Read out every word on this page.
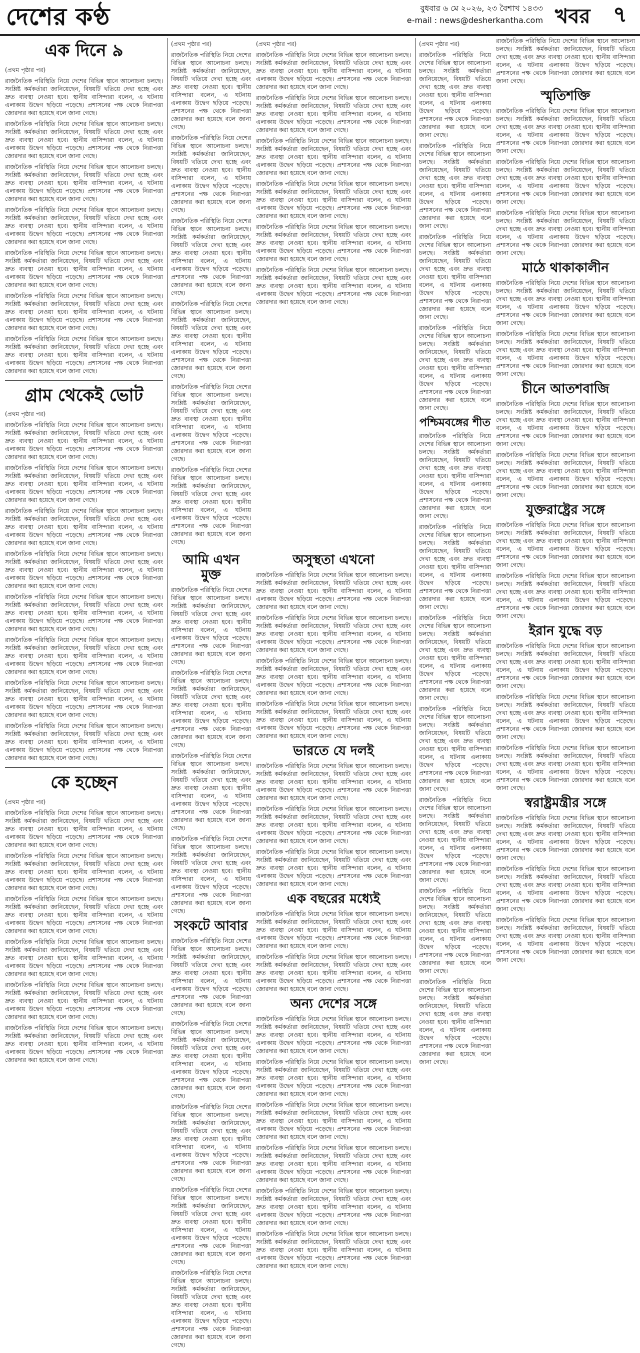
দেশের কণ্ঠ	বুধবার ৬ মে ২০২৬, ২৩ বৈশাখ ১৪৩৩
e-mail : news@desherkantha.com খবর	৭
এক দিনে ৯
(প্রথম পৃষ্ঠার পর)
রাজনৈতিক পরিস্থিতি নিয়ে দেশের বিভিন্ন স্থানে আলোচনা চলছে। সংশ্লিষ্ট কর্মকর্তারা জানিয়েছেন, বিষয়টি খতিয়ে দেখা হচ্ছে এবং দ্রুত ব্যবস্থা নেওয়া হবে। স্থানীয় বাসিন্দারা বলেন, এ ঘটনায় এলাকায় উদ্বেগ ছড়িয়ে পড়েছে। প্রশাসনের পক্ষ থেকে নিরাপত্তা জোরদার করা হয়েছে বলে জানা গেছে।
রাজনৈতিক পরিস্থিতি নিয়ে দেশের বিভিন্ন স্থানে আলোচনা চলছে। সংশ্লিষ্ট কর্মকর্তারা জানিয়েছেন, বিষয়টি খতিয়ে দেখা হচ্ছে এবং দ্রুত ব্যবস্থা নেওয়া হবে। স্থানীয় বাসিন্দারা বলেন, এ ঘটনায় এলাকায় উদ্বেগ ছড়িয়ে পড়েছে। প্রশাসনের পক্ষ থেকে নিরাপত্তা জোরদার করা হয়েছে বলে জানা গেছে।
রাজনৈতিক পরিস্থিতি নিয়ে দেশের বিভিন্ন স্থানে আলোচনা চলছে। সংশ্লিষ্ট কর্মকর্তারা জানিয়েছেন, বিষয়টি খতিয়ে দেখা হচ্ছে এবং দ্রুত ব্যবস্থা নেওয়া হবে। স্থানীয় বাসিন্দারা বলেন, এ ঘটনায় এলাকায় উদ্বেগ ছড়িয়ে পড়েছে। প্রশাসনের পক্ষ থেকে নিরাপত্তা জোরদার করা হয়েছে বলে জানা গেছে।
রাজনৈতিক পরিস্থিতি নিয়ে দেশের বিভিন্ন স্থানে আলোচনা চলছে। সংশ্লিষ্ট কর্মকর্তারা জানিয়েছেন, বিষয়টি খতিয়ে দেখা হচ্ছে এবং দ্রুত ব্যবস্থা নেওয়া হবে। স্থানীয় বাসিন্দারা বলেন, এ ঘটনায় এলাকায় উদ্বেগ ছড়িয়ে পড়েছে। প্রশাসনের পক্ষ থেকে নিরাপত্তা জোরদার করা হয়েছে বলে জানা গেছে।
রাজনৈতিক পরিস্থিতি নিয়ে দেশের বিভিন্ন স্থানে আলোচনা চলছে। সংশ্লিষ্ট কর্মকর্তারা জানিয়েছেন, বিষয়টি খতিয়ে দেখা হচ্ছে এবং দ্রুত ব্যবস্থা নেওয়া হবে। স্থানীয় বাসিন্দারা বলেন, এ ঘটনায় এলাকায় উদ্বেগ ছড়িয়ে পড়েছে। প্রশাসনের পক্ষ থেকে নিরাপত্তা জোরদার করা হয়েছে বলে জানা গেছে।
রাজনৈতিক পরিস্থিতি নিয়ে দেশের বিভিন্ন স্থানে আলোচনা চলছে। সংশ্লিষ্ট কর্মকর্তারা জানিয়েছেন, বিষয়টি খতিয়ে দেখা হচ্ছে এবং দ্রুত ব্যবস্থা নেওয়া হবে। স্থানীয় বাসিন্দারা বলেন, এ ঘটনায় এলাকায় উদ্বেগ ছড়িয়ে পড়েছে। প্রশাসনের পক্ষ থেকে নিরাপত্তা জোরদার করা হয়েছে বলে জানা গেছে।
রাজনৈতিক পরিস্থিতি নিয়ে দেশের বিভিন্ন স্থানে আলোচনা চলছে। সংশ্লিষ্ট কর্মকর্তারা জানিয়েছেন, বিষয়টি খতিয়ে দেখা হচ্ছে এবং দ্রুত ব্যবস্থা নেওয়া হবে। স্থানীয় বাসিন্দারা বলেন, এ ঘটনায় এলাকায় উদ্বেগ ছড়িয়ে পড়েছে। প্রশাসনের পক্ষ থেকে নিরাপত্তা জোরদার করা হয়েছে বলে জানা গেছে।
গ্রাম থেকেই ভোট
(প্রথম পৃষ্ঠার পর)
রাজনৈতিক পরিস্থিতি নিয়ে দেশের বিভিন্ন স্থানে আলোচনা চলছে। সংশ্লিষ্ট কর্মকর্তারা জানিয়েছেন, বিষয়টি খতিয়ে দেখা হচ্ছে এবং দ্রুত ব্যবস্থা নেওয়া হবে। স্থানীয় বাসিন্দারা বলেন, এ ঘটনায় এলাকায় উদ্বেগ ছড়িয়ে পড়েছে। প্রশাসনের পক্ষ থেকে নিরাপত্তা জোরদার করা হয়েছে বলে জানা গেছে।
রাজনৈতিক পরিস্থিতি নিয়ে দেশের বিভিন্ন স্থানে আলোচনা চলছে। সংশ্লিষ্ট কর্মকর্তারা জানিয়েছেন, বিষয়টি খতিয়ে দেখা হচ্ছে এবং দ্রুত ব্যবস্থা নেওয়া হবে। স্থানীয় বাসিন্দারা বলেন, এ ঘটনায় এলাকায় উদ্বেগ ছড়িয়ে পড়েছে। প্রশাসনের পক্ষ থেকে নিরাপত্তা জোরদার করা হয়েছে বলে জানা গেছে।
রাজনৈতিক পরিস্থিতি নিয়ে দেশের বিভিন্ন স্থানে আলোচনা চলছে। সংশ্লিষ্ট কর্মকর্তারা জানিয়েছেন, বিষয়টি খতিয়ে দেখা হচ্ছে এবং দ্রুত ব্যবস্থা নেওয়া হবে। স্থানীয় বাসিন্দারা বলেন, এ ঘটনায় এলাকায় উদ্বেগ ছড়িয়ে পড়েছে। প্রশাসনের পক্ষ থেকে নিরাপত্তা জোরদার করা হয়েছে বলে জানা গেছে।
রাজনৈতিক পরিস্থিতি নিয়ে দেশের বিভিন্ন স্থানে আলোচনা চলছে। সংশ্লিষ্ট কর্মকর্তারা জানিয়েছেন, বিষয়টি খতিয়ে দেখা হচ্ছে এবং দ্রুত ব্যবস্থা নেওয়া হবে। স্থানীয় বাসিন্দারা বলেন, এ ঘটনায় এলাকায় উদ্বেগ ছড়িয়ে পড়েছে। প্রশাসনের পক্ষ থেকে নিরাপত্তা জোরদার করা হয়েছে বলে জানা গেছে।
রাজনৈতিক পরিস্থিতি নিয়ে দেশের বিভিন্ন স্থানে আলোচনা চলছে। সংশ্লিষ্ট কর্মকর্তারা জানিয়েছেন, বিষয়টি খতিয়ে দেখা হচ্ছে এবং দ্রুত ব্যবস্থা নেওয়া হবে। স্থানীয় বাসিন্দারা বলেন, এ ঘটনায় এলাকায় উদ্বেগ ছড়িয়ে পড়েছে। প্রশাসনের পক্ষ থেকে নিরাপত্তা জোরদার করা হয়েছে বলে জানা গেছে।
রাজনৈতিক পরিস্থিতি নিয়ে দেশের বিভিন্ন স্থানে আলোচনা চলছে। সংশ্লিষ্ট কর্মকর্তারা জানিয়েছেন, বিষয়টি খতিয়ে দেখা হচ্ছে এবং দ্রুত ব্যবস্থা নেওয়া হবে। স্থানীয় বাসিন্দারা বলেন, এ ঘটনায় এলাকায় উদ্বেগ ছড়িয়ে পড়েছে। প্রশাসনের পক্ষ থেকে নিরাপত্তা জোরদার করা হয়েছে বলে জানা গেছে।
রাজনৈতিক পরিস্থিতি নিয়ে দেশের বিভিন্ন স্থানে আলোচনা চলছে। সংশ্লিষ্ট কর্মকর্তারা জানিয়েছেন, বিষয়টি খতিয়ে দেখা হচ্ছে এবং দ্রুত ব্যবস্থা নেওয়া হবে। স্থানীয় বাসিন্দারা বলেন, এ ঘটনায় এলাকায় উদ্বেগ ছড়িয়ে পড়েছে। প্রশাসনের পক্ষ থেকে নিরাপত্তা জোরদার করা হয়েছে বলে জানা গেছে।
রাজনৈতিক পরিস্থিতি নিয়ে দেশের বিভিন্ন স্থানে আলোচনা চলছে। সংশ্লিষ্ট কর্মকর্তারা জানিয়েছেন, বিষয়টি খতিয়ে দেখা হচ্ছে এবং দ্রুত ব্যবস্থা নেওয়া হবে। স্থানীয় বাসিন্দারা বলেন, এ ঘটনায় এলাকায় উদ্বেগ ছড়িয়ে পড়েছে। প্রশাসনের পক্ষ থেকে নিরাপত্তা জোরদার করা হয়েছে বলে জানা গেছে।
কে হচ্ছেন
(প্রথম পৃষ্ঠার পর)
রাজনৈতিক পরিস্থিতি নিয়ে দেশের বিভিন্ন স্থানে আলোচনা চলছে। সংশ্লিষ্ট কর্মকর্তারা জানিয়েছেন, বিষয়টি খতিয়ে দেখা হচ্ছে এবং দ্রুত ব্যবস্থা নেওয়া হবে। স্থানীয় বাসিন্দারা বলেন, এ ঘটনায় এলাকায় উদ্বেগ ছড়িয়ে পড়েছে। প্রশাসনের পক্ষ থেকে নিরাপত্তা জোরদার করা হয়েছে বলে জানা গেছে।
রাজনৈতিক পরিস্থিতি নিয়ে দেশের বিভিন্ন স্থানে আলোচনা চলছে। সংশ্লিষ্ট কর্মকর্তারা জানিয়েছেন, বিষয়টি খতিয়ে দেখা হচ্ছে এবং দ্রুত ব্যবস্থা নেওয়া হবে। স্থানীয় বাসিন্দারা বলেন, এ ঘটনায় এলাকায় উদ্বেগ ছড়িয়ে পড়েছে। প্রশাসনের পক্ষ থেকে নিরাপত্তা জোরদার করা হয়েছে বলে জানা গেছে।
রাজনৈতিক পরিস্থিতি নিয়ে দেশের বিভিন্ন স্থানে আলোচনা চলছে। সংশ্লিষ্ট কর্মকর্তারা জানিয়েছেন, বিষয়টি খতিয়ে দেখা হচ্ছে এবং দ্রুত ব্যবস্থা নেওয়া হবে। স্থানীয় বাসিন্দারা বলেন, এ ঘটনায় এলাকায় উদ্বেগ ছড়িয়ে পড়েছে। প্রশাসনের পক্ষ থেকে নিরাপত্তা জোরদার করা হয়েছে বলে জানা গেছে।
রাজনৈতিক পরিস্থিতি নিয়ে দেশের বিভিন্ন স্থানে আলোচনা চলছে। সংশ্লিষ্ট কর্মকর্তারা জানিয়েছেন, বিষয়টি খতিয়ে দেখা হচ্ছে এবং দ্রুত ব্যবস্থা নেওয়া হবে। স্থানীয় বাসিন্দারা বলেন, এ ঘটনায় এলাকায় উদ্বেগ ছড়িয়ে পড়েছে। প্রশাসনের পক্ষ থেকে নিরাপত্তা জোরদার করা হয়েছে বলে জানা গেছে।
রাজনৈতিক পরিস্থিতি নিয়ে দেশের বিভিন্ন স্থানে আলোচনা চলছে। সংশ্লিষ্ট কর্মকর্তারা জানিয়েছেন, বিষয়টি খতিয়ে দেখা হচ্ছে এবং দ্রুত ব্যবস্থা নেওয়া হবে। স্থানীয় বাসিন্দারা বলেন, এ ঘটনায় এলাকায় উদ্বেগ ছড়িয়ে পড়েছে। প্রশাসনের পক্ষ থেকে নিরাপত্তা জোরদার করা হয়েছে বলে জানা গেছে।
রাজনৈতিক পরিস্থিতি নিয়ে দেশের বিভিন্ন স্থানে আলোচনা চলছে। সংশ্লিষ্ট কর্মকর্তারা জানিয়েছেন, বিষয়টি খতিয়ে দেখা হচ্ছে এবং দ্রুত ব্যবস্থা নেওয়া হবে। স্থানীয় বাসিন্দারা বলেন, এ ঘটনায় এলাকায় উদ্বেগ ছড়িয়ে পড়েছে। প্রশাসনের পক্ষ থেকে নিরাপত্তা জোরদার করা হয়েছে বলে জানা গেছে।
(প্রথম পৃষ্ঠার পর)
রাজনৈতিক পরিস্থিতি নিয়ে দেশের বিভিন্ন স্থানে আলোচনা চলছে। সংশ্লিষ্ট কর্মকর্তারা জানিয়েছেন, বিষয়টি খতিয়ে দেখা হচ্ছে এবং দ্রুত ব্যবস্থা নেওয়া হবে। স্থানীয় বাসিন্দারা বলেন, এ ঘটনায় এলাকায় উদ্বেগ ছড়িয়ে পড়েছে। প্রশাসনের পক্ষ থেকে নিরাপত্তা জোরদার করা হয়েছে বলে জানা গেছে।
রাজনৈতিক পরিস্থিতি নিয়ে দেশের বিভিন্ন স্থানে আলোচনা চলছে। সংশ্লিষ্ট কর্মকর্তারা জানিয়েছেন, বিষয়টি খতিয়ে দেখা হচ্ছে এবং দ্রুত ব্যবস্থা নেওয়া হবে। স্থানীয় বাসিন্দারা বলেন, এ ঘটনায় এলাকায় উদ্বেগ ছড়িয়ে পড়েছে। প্রশাসনের পক্ষ থেকে নিরাপত্তা জোরদার করা হয়েছে বলে জানা গেছে।
রাজনৈতিক পরিস্থিতি নিয়ে দেশের বিভিন্ন স্থানে আলোচনা চলছে। সংশ্লিষ্ট কর্মকর্তারা জানিয়েছেন, বিষয়টি খতিয়ে দেখা হচ্ছে এবং দ্রুত ব্যবস্থা নেওয়া হবে। স্থানীয় বাসিন্দারা বলেন, এ ঘটনায় এলাকায় উদ্বেগ ছড়িয়ে পড়েছে। প্রশাসনের পক্ষ থেকে নিরাপত্তা জোরদার করা হয়েছে বলে জানা গেছে।
রাজনৈতিক পরিস্থিতি নিয়ে দেশের বিভিন্ন স্থানে আলোচনা চলছে। সংশ্লিষ্ট কর্মকর্তারা জানিয়েছেন, বিষয়টি খতিয়ে দেখা হচ্ছে এবং দ্রুত ব্যবস্থা নেওয়া হবে। স্থানীয় বাসিন্দারা বলেন, এ ঘটনায় এলাকায় উদ্বেগ ছড়িয়ে পড়েছে। প্রশাসনের পক্ষ থেকে নিরাপত্তা জোরদার করা হয়েছে বলে জানা গেছে।
রাজনৈতিক পরিস্থিতি নিয়ে দেশের বিভিন্ন স্থানে আলোচনা চলছে। সংশ্লিষ্ট কর্মকর্তারা জানিয়েছেন, বিষয়টি খতিয়ে দেখা হচ্ছে এবং দ্রুত ব্যবস্থা নেওয়া হবে। স্থানীয় বাসিন্দারা বলেন, এ ঘটনায় এলাকায় উদ্বেগ ছড়িয়ে পড়েছে। প্রশাসনের পক্ষ থেকে নিরাপত্তা জোরদার করা হয়েছে বলে জানা গেছে।
রাজনৈতিক পরিস্থিতি নিয়ে দেশের বিভিন্ন স্থানে আলোচনা চলছে। সংশ্লিষ্ট কর্মকর্তারা জানিয়েছেন, বিষয়টি খতিয়ে দেখা হচ্ছে এবং দ্রুত ব্যবস্থা নেওয়া হবে। স্থানীয় বাসিন্দারা বলেন, এ ঘটনায় এলাকায় উদ্বেগ ছড়িয়ে পড়েছে। প্রশাসনের পক্ষ থেকে নিরাপত্তা জোরদার করা হয়েছে বলে জানা গেছে।
(প্রথম পৃষ্ঠার পর)
রাজনৈতিক পরিস্থিতি নিয়ে দেশের বিভিন্ন স্থানে আলোচনা চলছে। সংশ্লিষ্ট কর্মকর্তারা জানিয়েছেন, বিষয়টি খতিয়ে দেখা হচ্ছে এবং দ্রুত ব্যবস্থা নেওয়া হবে। স্থানীয় বাসিন্দারা বলেন, এ ঘটনায় এলাকায় উদ্বেগ ছড়িয়ে পড়েছে। প্রশাসনের পক্ষ থেকে নিরাপত্তা জোরদার করা হয়েছে বলে জানা গেছে।
রাজনৈতিক পরিস্থিতি নিয়ে দেশের বিভিন্ন স্থানে আলোচনা চলছে। সংশ্লিষ্ট কর্মকর্তারা জানিয়েছেন, বিষয়টি খতিয়ে দেখা হচ্ছে এবং দ্রুত ব্যবস্থা নেওয়া হবে। স্থানীয় বাসিন্দারা বলেন, এ ঘটনায় এলাকায় উদ্বেগ ছড়িয়ে পড়েছে। প্রশাসনের পক্ষ থেকে নিরাপত্তা জোরদার করা হয়েছে বলে জানা গেছে।
রাজনৈতিক পরিস্থিতি নিয়ে দেশের বিভিন্ন স্থানে আলোচনা চলছে। সংশ্লিষ্ট কর্মকর্তারা জানিয়েছেন, বিষয়টি খতিয়ে দেখা হচ্ছে এবং দ্রুত ব্যবস্থা নেওয়া হবে। স্থানীয় বাসিন্দারা বলেন, এ ঘটনায় এলাকায় উদ্বেগ ছড়িয়ে পড়েছে। প্রশাসনের পক্ষ থেকে নিরাপত্তা জোরদার করা হয়েছে বলে জানা গেছে।
রাজনৈতিক পরিস্থিতি নিয়ে দেশের বিভিন্ন স্থানে আলোচনা চলছে। সংশ্লিষ্ট কর্মকর্তারা জানিয়েছেন, বিষয়টি খতিয়ে দেখা হচ্ছে এবং দ্রুত ব্যবস্থা নেওয়া হবে। স্থানীয় বাসিন্দারা বলেন, এ ঘটনায় এলাকায় উদ্বেগ ছড়িয়ে পড়েছে। প্রশাসনের পক্ষ থেকে নিরাপত্তা জোরদার করা হয়েছে বলে জানা গেছে।
রাজনৈতিক পরিস্থিতি নিয়ে দেশের বিভিন্ন স্থানে আলোচনা চলছে। সংশ্লিষ্ট কর্মকর্তারা জানিয়েছেন, বিষয়টি খতিয়ে দেখা হচ্ছে এবং দ্রুত ব্যবস্থা নেওয়া হবে। স্থানীয় বাসিন্দারা বলেন, এ ঘটনায় এলাকায় উদ্বেগ ছড়িয়ে পড়েছে। প্রশাসনের পক্ষ থেকে নিরাপত্তা জোরদার করা হয়েছে বলে জানা গেছে।
রাজনৈতিক পরিস্থিতি নিয়ে দেশের বিভিন্ন স্থানে আলোচনা চলছে। সংশ্লিষ্ট কর্মকর্তারা জানিয়েছেন, বিষয়টি খতিয়ে দেখা হচ্ছে এবং দ্রুত ব্যবস্থা নেওয়া হবে। স্থানীয় বাসিন্দারা বলেন, এ ঘটনায় এলাকায় উদ্বেগ ছড়িয়ে পড়েছে। প্রশাসনের পক্ষ থেকে নিরাপত্তা জোরদার করা হয়েছে বলে জানা গেছে।
আমি এখন মুক্ত
রাজনৈতিক পরিস্থিতি নিয়ে দেশের বিভিন্ন স্থানে আলোচনা চলছে। সংশ্লিষ্ট কর্মকর্তারা জানিয়েছেন, বিষয়টি খতিয়ে দেখা হচ্ছে এবং দ্রুত ব্যবস্থা নেওয়া হবে। স্থানীয় বাসিন্দারা বলেন, এ ঘটনায় এলাকায় উদ্বেগ ছড়িয়ে পড়েছে। প্রশাসনের পক্ষ থেকে নিরাপত্তা জোরদার করা হয়েছে বলে জানা গেছে।
রাজনৈতিক পরিস্থিতি নিয়ে দেশের বিভিন্ন স্থানে আলোচনা চলছে। সংশ্লিষ্ট কর্মকর্তারা জানিয়েছেন, বিষয়টি খতিয়ে দেখা হচ্ছে এবং দ্রুত ব্যবস্থা নেওয়া হবে। স্থানীয় বাসিন্দারা বলেন, এ ঘটনায় এলাকায় উদ্বেগ ছড়িয়ে পড়েছে। প্রশাসনের পক্ষ থেকে নিরাপত্তা জোরদার করা হয়েছে বলে জানা গেছে।
রাজনৈতিক পরিস্থিতি নিয়ে দেশের বিভিন্ন স্থানে আলোচনা চলছে। সংশ্লিষ্ট কর্মকর্তারা জানিয়েছেন, বিষয়টি খতিয়ে দেখা হচ্ছে এবং দ্রুত ব্যবস্থা নেওয়া হবে। স্থানীয় বাসিন্দারা বলেন, এ ঘটনায় এলাকায় উদ্বেগ ছড়িয়ে পড়েছে। প্রশাসনের পক্ষ থেকে নিরাপত্তা জোরদার করা হয়েছে বলে জানা গেছে।
রাজনৈতিক পরিস্থিতি নিয়ে দেশের বিভিন্ন স্থানে আলোচনা চলছে। সংশ্লিষ্ট কর্মকর্তারা জানিয়েছেন, বিষয়টি খতিয়ে দেখা হচ্ছে এবং দ্রুত ব্যবস্থা নেওয়া হবে। স্থানীয় বাসিন্দারা বলেন, এ ঘটনায় এলাকায় উদ্বেগ ছড়িয়ে পড়েছে। প্রশাসনের পক্ষ থেকে নিরাপত্তা জোরদার করা হয়েছে বলে জানা গেছে।
সংকটে আবার
রাজনৈতিক পরিস্থিতি নিয়ে দেশের বিভিন্ন স্থানে আলোচনা চলছে। সংশ্লিষ্ট কর্মকর্তারা জানিয়েছেন, বিষয়টি খতিয়ে দেখা হচ্ছে এবং দ্রুত ব্যবস্থা নেওয়া হবে। স্থানীয় বাসিন্দারা বলেন, এ ঘটনায় এলাকায় উদ্বেগ ছড়িয়ে পড়েছে। প্রশাসনের পক্ষ থেকে নিরাপত্তা জোরদার করা হয়েছে বলে জানা গেছে।
রাজনৈতিক পরিস্থিতি নিয়ে দেশের বিভিন্ন স্থানে আলোচনা চলছে। সংশ্লিষ্ট কর্মকর্তারা জানিয়েছেন, বিষয়টি খতিয়ে দেখা হচ্ছে এবং দ্রুত ব্যবস্থা নেওয়া হবে। স্থানীয় বাসিন্দারা বলেন, এ ঘটনায় এলাকায় উদ্বেগ ছড়িয়ে পড়েছে। প্রশাসনের পক্ষ থেকে নিরাপত্তা জোরদার করা হয়েছে বলে জানা গেছে।
রাজনৈতিক পরিস্থিতি নিয়ে দেশের বিভিন্ন স্থানে আলোচনা চলছে। সংশ্লিষ্ট কর্মকর্তারা জানিয়েছেন, বিষয়টি খতিয়ে দেখা হচ্ছে এবং দ্রুত ব্যবস্থা নেওয়া হবে। স্থানীয় বাসিন্দারা বলেন, এ ঘটনায় এলাকায় উদ্বেগ ছড়িয়ে পড়েছে। প্রশাসনের পক্ষ থেকে নিরাপত্তা জোরদার করা হয়েছে বলে জানা গেছে।
রাজনৈতিক পরিস্থিতি নিয়ে দেশের বিভিন্ন স্থানে আলোচনা চলছে। সংশ্লিষ্ট কর্মকর্তারা জানিয়েছেন, বিষয়টি খতিয়ে দেখা হচ্ছে এবং দ্রুত ব্যবস্থা নেওয়া হবে। স্থানীয় বাসিন্দারা বলেন, এ ঘটনায় এলাকায় উদ্বেগ ছড়িয়ে পড়েছে। প্রশাসনের পক্ষ থেকে নিরাপত্তা জোরদার করা হয়েছে বলে জানা গেছে।
রাজনৈতিক পরিস্থিতি নিয়ে দেশের বিভিন্ন স্থানে আলোচনা চলছে। সংশ্লিষ্ট কর্মকর্তারা জানিয়েছেন, বিষয়টি খতিয়ে দেখা হচ্ছে এবং দ্রুত ব্যবস্থা নেওয়া হবে। স্থানীয় বাসিন্দারা বলেন, এ ঘটনায় এলাকায় উদ্বেগ ছড়িয়ে পড়েছে। প্রশাসনের পক্ষ থেকে নিরাপত্তা জোরদার করা হয়েছে বলে জানা গেছে।
অসুস্থতা এখনো
রাজনৈতিক পরিস্থিতি নিয়ে দেশের বিভিন্ন স্থানে আলোচনা চলছে। সংশ্লিষ্ট কর্মকর্তারা জানিয়েছেন, বিষয়টি খতিয়ে দেখা হচ্ছে এবং দ্রুত ব্যবস্থা নেওয়া হবে। স্থানীয় বাসিন্দারা বলেন, এ ঘটনায় এলাকায় উদ্বেগ ছড়িয়ে পড়েছে। প্রশাসনের পক্ষ থেকে নিরাপত্তা জোরদার করা হয়েছে বলে জানা গেছে।
রাজনৈতিক পরিস্থিতি নিয়ে দেশের বিভিন্ন স্থানে আলোচনা চলছে। সংশ্লিষ্ট কর্মকর্তারা জানিয়েছেন, বিষয়টি খতিয়ে দেখা হচ্ছে এবং দ্রুত ব্যবস্থা নেওয়া হবে। স্থানীয় বাসিন্দারা বলেন, এ ঘটনায় এলাকায় উদ্বেগ ছড়িয়ে পড়েছে। প্রশাসনের পক্ষ থেকে নিরাপত্তা জোরদার করা হয়েছে বলে জানা গেছে।
রাজনৈতিক পরিস্থিতি নিয়ে দেশের বিভিন্ন স্থানে আলোচনা চলছে। সংশ্লিষ্ট কর্মকর্তারা জানিয়েছেন, বিষয়টি খতিয়ে দেখা হচ্ছে এবং দ্রুত ব্যবস্থা নেওয়া হবে। স্থানীয় বাসিন্দারা বলেন, এ ঘটনায় এলাকায় উদ্বেগ ছড়িয়ে পড়েছে। প্রশাসনের পক্ষ থেকে নিরাপত্তা জোরদার করা হয়েছে বলে জানা গেছে।
রাজনৈতিক পরিস্থিতি নিয়ে দেশের বিভিন্ন স্থানে আলোচনা চলছে। সংশ্লিষ্ট কর্মকর্তারা জানিয়েছেন, বিষয়টি খতিয়ে দেখা হচ্ছে এবং দ্রুত ব্যবস্থা নেওয়া হবে। স্থানীয় বাসিন্দারা বলেন, এ ঘটনায় এলাকায় উদ্বেগ ছড়িয়ে পড়েছে। প্রশাসনের পক্ষ থেকে নিরাপত্তা জোরদার করা হয়েছে বলে জানা গেছে।
ভারতে যে দলই
রাজনৈতিক পরিস্থিতি নিয়ে দেশের বিভিন্ন স্থানে আলোচনা চলছে। সংশ্লিষ্ট কর্মকর্তারা জানিয়েছেন, বিষয়টি খতিয়ে দেখা হচ্ছে এবং দ্রুত ব্যবস্থা নেওয়া হবে। স্থানীয় বাসিন্দারা বলেন, এ ঘটনায় এলাকায় উদ্বেগ ছড়িয়ে পড়েছে। প্রশাসনের পক্ষ থেকে নিরাপত্তা জোরদার করা হয়েছে বলে জানা গেছে।
রাজনৈতিক পরিস্থিতি নিয়ে দেশের বিভিন্ন স্থানে আলোচনা চলছে। সংশ্লিষ্ট কর্মকর্তারা জানিয়েছেন, বিষয়টি খতিয়ে দেখা হচ্ছে এবং দ্রুত ব্যবস্থা নেওয়া হবে। স্থানীয় বাসিন্দারা বলেন, এ ঘটনায় এলাকায় উদ্বেগ ছড়িয়ে পড়েছে। প্রশাসনের পক্ষ থেকে নিরাপত্তা জোরদার করা হয়েছে বলে জানা গেছে।
রাজনৈতিক পরিস্থিতি নিয়ে দেশের বিভিন্ন স্থানে আলোচনা চলছে। সংশ্লিষ্ট কর্মকর্তারা জানিয়েছেন, বিষয়টি খতিয়ে দেখা হচ্ছে এবং দ্রুত ব্যবস্থা নেওয়া হবে। স্থানীয় বাসিন্দারা বলেন, এ ঘটনায় এলাকায় উদ্বেগ ছড়িয়ে পড়েছে। প্রশাসনের পক্ষ থেকে নিরাপত্তা জোরদার করা হয়েছে বলে জানা গেছে।
এক বছরের মধ্যেই
রাজনৈতিক পরিস্থিতি নিয়ে দেশের বিভিন্ন স্থানে আলোচনা চলছে। সংশ্লিষ্ট কর্মকর্তারা জানিয়েছেন, বিষয়টি খতিয়ে দেখা হচ্ছে এবং দ্রুত ব্যবস্থা নেওয়া হবে। স্থানীয় বাসিন্দারা বলেন, এ ঘটনায় এলাকায় উদ্বেগ ছড়িয়ে পড়েছে। প্রশাসনের পক্ষ থেকে নিরাপত্তা জোরদার করা হয়েছে বলে জানা গেছে।
রাজনৈতিক পরিস্থিতি নিয়ে দেশের বিভিন্ন স্থানে আলোচনা চলছে। সংশ্লিষ্ট কর্মকর্তারা জানিয়েছেন, বিষয়টি খতিয়ে দেখা হচ্ছে এবং দ্রুত ব্যবস্থা নেওয়া হবে। স্থানীয় বাসিন্দারা বলেন, এ ঘটনায় এলাকায় উদ্বেগ ছড়িয়ে পড়েছে। প্রশাসনের পক্ষ থেকে নিরাপত্তা জোরদার করা হয়েছে বলে জানা গেছে।
অন্য দেশের সঙ্গে
রাজনৈতিক পরিস্থিতি নিয়ে দেশের বিভিন্ন স্থানে আলোচনা চলছে। সংশ্লিষ্ট কর্মকর্তারা জানিয়েছেন, বিষয়টি খতিয়ে দেখা হচ্ছে এবং দ্রুত ব্যবস্থা নেওয়া হবে। স্থানীয় বাসিন্দারা বলেন, এ ঘটনায় এলাকায় উদ্বেগ ছড়িয়ে পড়েছে। প্রশাসনের পক্ষ থেকে নিরাপত্তা জোরদার করা হয়েছে বলে জানা গেছে।
রাজনৈতিক পরিস্থিতি নিয়ে দেশের বিভিন্ন স্থানে আলোচনা চলছে। সংশ্লিষ্ট কর্মকর্তারা জানিয়েছেন, বিষয়টি খতিয়ে দেখা হচ্ছে এবং দ্রুত ব্যবস্থা নেওয়া হবে। স্থানীয় বাসিন্দারা বলেন, এ ঘটনায় এলাকায় উদ্বেগ ছড়িয়ে পড়েছে। প্রশাসনের পক্ষ থেকে নিরাপত্তা জোরদার করা হয়েছে বলে জানা গেছে।
রাজনৈতিক পরিস্থিতি নিয়ে দেশের বিভিন্ন স্থানে আলোচনা চলছে। সংশ্লিষ্ট কর্মকর্তারা জানিয়েছেন, বিষয়টি খতিয়ে দেখা হচ্ছে এবং দ্রুত ব্যবস্থা নেওয়া হবে। স্থানীয় বাসিন্দারা বলেন, এ ঘটনায় এলাকায় উদ্বেগ ছড়িয়ে পড়েছে। প্রশাসনের পক্ষ থেকে নিরাপত্তা জোরদার করা হয়েছে বলে জানা গেছে।
রাজনৈতিক পরিস্থিতি নিয়ে দেশের বিভিন্ন স্থানে আলোচনা চলছে। সংশ্লিষ্ট কর্মকর্তারা জানিয়েছেন, বিষয়টি খতিয়ে দেখা হচ্ছে এবং দ্রুত ব্যবস্থা নেওয়া হবে। স্থানীয় বাসিন্দারা বলেন, এ ঘটনায় এলাকায় উদ্বেগ ছড়িয়ে পড়েছে। প্রশাসনের পক্ষ থেকে নিরাপত্তা জোরদার করা হয়েছে বলে জানা গেছে।
রাজনৈতিক পরিস্থিতি নিয়ে দেশের বিভিন্ন স্থানে আলোচনা চলছে। সংশ্লিষ্ট কর্মকর্তারা জানিয়েছেন, বিষয়টি খতিয়ে দেখা হচ্ছে এবং দ্রুত ব্যবস্থা নেওয়া হবে। স্থানীয় বাসিন্দারা বলেন, এ ঘটনায় এলাকায় উদ্বেগ ছড়িয়ে পড়েছে। প্রশাসনের পক্ষ থেকে নিরাপত্তা জোরদার করা হয়েছে বলে জানা গেছে।
রাজনৈতিক পরিস্থিতি নিয়ে দেশের বিভিন্ন স্থানে আলোচনা চলছে। সংশ্লিষ্ট কর্মকর্তারা জানিয়েছেন, বিষয়টি খতিয়ে দেখা হচ্ছে এবং দ্রুত ব্যবস্থা নেওয়া হবে। স্থানীয় বাসিন্দারা বলেন, এ ঘটনায় এলাকায় উদ্বেগ ছড়িয়ে পড়েছে। প্রশাসনের পক্ষ থেকে নিরাপত্তা জোরদার করা হয়েছে বলে জানা গেছে।
(প্রথম পৃষ্ঠার পর)
রাজনৈতিক পরিস্থিতি নিয়ে দেশের বিভিন্ন স্থানে আলোচনা চলছে। সংশ্লিষ্ট কর্মকর্তারা জানিয়েছেন, বিষয়টি খতিয়ে দেখা হচ্ছে এবং দ্রুত ব্যবস্থা নেওয়া হবে। স্থানীয় বাসিন্দারা বলেন, এ ঘটনায় এলাকায় উদ্বেগ ছড়িয়ে পড়েছে। প্রশাসনের পক্ষ থেকে নিরাপত্তা জোরদার করা হয়েছে বলে জানা গেছে।
রাজনৈতিক পরিস্থিতি নিয়ে দেশের বিভিন্ন স্থানে আলোচনা চলছে। সংশ্লিষ্ট কর্মকর্তারা জানিয়েছেন, বিষয়টি খতিয়ে দেখা হচ্ছে এবং দ্রুত ব্যবস্থা নেওয়া হবে। স্থানীয় বাসিন্দারা বলেন, এ ঘটনায় এলাকায় উদ্বেগ ছড়িয়ে পড়েছে। প্রশাসনের পক্ষ থেকে নিরাপত্তা জোরদার করা হয়েছে বলে জানা গেছে।
রাজনৈতিক পরিস্থিতি নিয়ে দেশের বিভিন্ন স্থানে আলোচনা চলছে। সংশ্লিষ্ট কর্মকর্তারা জানিয়েছেন, বিষয়টি খতিয়ে দেখা হচ্ছে এবং দ্রুত ব্যবস্থা নেওয়া হবে। স্থানীয় বাসিন্দারা বলেন, এ ঘটনায় এলাকায় উদ্বেগ ছড়িয়ে পড়েছে। প্রশাসনের পক্ষ থেকে নিরাপত্তা জোরদার করা হয়েছে বলে জানা গেছে।
রাজনৈতিক পরিস্থিতি নিয়ে দেশের বিভিন্ন স্থানে আলোচনা চলছে। সংশ্লিষ্ট কর্মকর্তারা জানিয়েছেন, বিষয়টি খতিয়ে দেখা হচ্ছে এবং দ্রুত ব্যবস্থা নেওয়া হবে। স্থানীয় বাসিন্দারা বলেন, এ ঘটনায় এলাকায় উদ্বেগ ছড়িয়ে পড়েছে। প্রশাসনের পক্ষ থেকে নিরাপত্তা জোরদার করা হয়েছে বলে জানা গেছে।
পশ্চিমবঙ্গের শীত
রাজনৈতিক পরিস্থিতি নিয়ে দেশের বিভিন্ন স্থানে আলোচনা চলছে। সংশ্লিষ্ট কর্মকর্তারা জানিয়েছেন, বিষয়টি খতিয়ে দেখা হচ্ছে এবং দ্রুত ব্যবস্থা নেওয়া হবে। স্থানীয় বাসিন্দারা বলেন, এ ঘটনায় এলাকায় উদ্বেগ ছড়িয়ে পড়েছে। প্রশাসনের পক্ষ থেকে নিরাপত্তা জোরদার করা হয়েছে বলে জানা গেছে।
রাজনৈতিক পরিস্থিতি নিয়ে দেশের বিভিন্ন স্থানে আলোচনা চলছে। সংশ্লিষ্ট কর্মকর্তারা জানিয়েছেন, বিষয়টি খতিয়ে দেখা হচ্ছে এবং দ্রুত ব্যবস্থা নেওয়া হবে। স্থানীয় বাসিন্দারা বলেন, এ ঘটনায় এলাকায় উদ্বেগ ছড়িয়ে পড়েছে। প্রশাসনের পক্ষ থেকে নিরাপত্তা জোরদার করা হয়েছে বলে জানা গেছে।
রাজনৈতিক পরিস্থিতি নিয়ে দেশের বিভিন্ন স্থানে আলোচনা চলছে। সংশ্লিষ্ট কর্মকর্তারা জানিয়েছেন, বিষয়টি খতিয়ে দেখা হচ্ছে এবং দ্রুত ব্যবস্থা নেওয়া হবে। স্থানীয় বাসিন্দারা বলেন, এ ঘটনায় এলাকায় উদ্বেগ ছড়িয়ে পড়েছে। প্রশাসনের পক্ষ থেকে নিরাপত্তা জোরদার করা হয়েছে বলে জানা গেছে।
রাজনৈতিক পরিস্থিতি নিয়ে দেশের বিভিন্ন স্থানে আলোচনা চলছে। সংশ্লিষ্ট কর্মকর্তারা জানিয়েছেন, বিষয়টি খতিয়ে দেখা হচ্ছে এবং দ্রুত ব্যবস্থা নেওয়া হবে। স্থানীয় বাসিন্দারা বলেন, এ ঘটনায় এলাকায় উদ্বেগ ছড়িয়ে পড়েছে। প্রশাসনের পক্ষ থেকে নিরাপত্তা জোরদার করা হয়েছে বলে জানা গেছে।
রাজনৈতিক পরিস্থিতি নিয়ে দেশের বিভিন্ন স্থানে আলোচনা চলছে। সংশ্লিষ্ট কর্মকর্তারা জানিয়েছেন, বিষয়টি খতিয়ে দেখা হচ্ছে এবং দ্রুত ব্যবস্থা নেওয়া হবে। স্থানীয় বাসিন্দারা বলেন, এ ঘটনায় এলাকায় উদ্বেগ ছড়িয়ে পড়েছে। প্রশাসনের পক্ষ থেকে নিরাপত্তা জোরদার করা হয়েছে বলে জানা গেছে।
রাজনৈতিক পরিস্থিতি নিয়ে দেশের বিভিন্ন স্থানে আলোচনা চলছে। সংশ্লিষ্ট কর্মকর্তারা জানিয়েছেন, বিষয়টি খতিয়ে দেখা হচ্ছে এবং দ্রুত ব্যবস্থা নেওয়া হবে। স্থানীয় বাসিন্দারা বলেন, এ ঘটনায় এলাকায় উদ্বেগ ছড়িয়ে পড়েছে। প্রশাসনের পক্ষ থেকে নিরাপত্তা জোরদার করা হয়েছে বলে জানা গেছে।
রাজনৈতিক পরিস্থিতি নিয়ে দেশের বিভিন্ন স্থানে আলোচনা চলছে। সংশ্লিষ্ট কর্মকর্তারা জানিয়েছেন, বিষয়টি খতিয়ে দেখা হচ্ছে এবং দ্রুত ব্যবস্থা নেওয়া হবে। স্থানীয় বাসিন্দারা বলেন, এ ঘটনায় এলাকায় উদ্বেগ ছড়িয়ে পড়েছে। প্রশাসনের পক্ষ থেকে নিরাপত্তা জোরদার করা হয়েছে বলে জানা গেছে।
রাজনৈতিক পরিস্থিতি নিয়ে দেশের বিভিন্ন স্থানে আলোচনা চলছে। সংশ্লিষ্ট কর্মকর্তারা জানিয়েছেন, বিষয়টি খতিয়ে দেখা হচ্ছে এবং দ্রুত ব্যবস্থা নেওয়া হবে। স্থানীয় বাসিন্দারা বলেন, এ ঘটনায় এলাকায় উদ্বেগ ছড়িয়ে পড়েছে। প্রশাসনের পক্ষ থেকে নিরাপত্তা জোরদার করা হয়েছে বলে জানা গেছে।
স্মৃতিশক্তি
রাজনৈতিক পরিস্থিতি নিয়ে দেশের বিভিন্ন স্থানে আলোচনা চলছে। সংশ্লিষ্ট কর্মকর্তারা জানিয়েছেন, বিষয়টি খতিয়ে দেখা হচ্ছে এবং দ্রুত ব্যবস্থা নেওয়া হবে। স্থানীয় বাসিন্দারা বলেন, এ ঘটনায় এলাকায় উদ্বেগ ছড়িয়ে পড়েছে। প্রশাসনের পক্ষ থেকে নিরাপত্তা জোরদার করা হয়েছে বলে জানা গেছে।
রাজনৈতিক পরিস্থিতি নিয়ে দেশের বিভিন্ন স্থানে আলোচনা চলছে। সংশ্লিষ্ট কর্মকর্তারা জানিয়েছেন, বিষয়টি খতিয়ে দেখা হচ্ছে এবং দ্রুত ব্যবস্থা নেওয়া হবে। স্থানীয় বাসিন্দারা বলেন, এ ঘটনায় এলাকায় উদ্বেগ ছড়িয়ে পড়েছে। প্রশাসনের পক্ষ থেকে নিরাপত্তা জোরদার করা হয়েছে বলে জানা গেছে।
রাজনৈতিক পরিস্থিতি নিয়ে দেশের বিভিন্ন স্থানে আলোচনা চলছে। সংশ্লিষ্ট কর্মকর্তারা জানিয়েছেন, বিষয়টি খতিয়ে দেখা হচ্ছে এবং দ্রুত ব্যবস্থা নেওয়া হবে। স্থানীয় বাসিন্দারা বলেন, এ ঘটনায় এলাকায় উদ্বেগ ছড়িয়ে পড়েছে। প্রশাসনের পক্ষ থেকে নিরাপত্তা জোরদার করা হয়েছে বলে জানা গেছে।
মাঠে থাকাকালীন
রাজনৈতিক পরিস্থিতি নিয়ে দেশের বিভিন্ন স্থানে আলোচনা চলছে। সংশ্লিষ্ট কর্মকর্তারা জানিয়েছেন, বিষয়টি খতিয়ে দেখা হচ্ছে এবং দ্রুত ব্যবস্থা নেওয়া হবে। স্থানীয় বাসিন্দারা বলেন, এ ঘটনায় এলাকায় উদ্বেগ ছড়িয়ে পড়েছে। প্রশাসনের পক্ষ থেকে নিরাপত্তা জোরদার করা হয়েছে বলে জানা গেছে।
রাজনৈতিক পরিস্থিতি নিয়ে দেশের বিভিন্ন স্থানে আলোচনা চলছে। সংশ্লিষ্ট কর্মকর্তারা জানিয়েছেন, বিষয়টি খতিয়ে দেখা হচ্ছে এবং দ্রুত ব্যবস্থা নেওয়া হবে। স্থানীয় বাসিন্দারা বলেন, এ ঘটনায় এলাকায় উদ্বেগ ছড়িয়ে পড়েছে। প্রশাসনের পক্ষ থেকে নিরাপত্তা জোরদার করা হয়েছে বলে জানা গেছে।
চীনে আতশবাজি
রাজনৈতিক পরিস্থিতি নিয়ে দেশের বিভিন্ন স্থানে আলোচনা চলছে। সংশ্লিষ্ট কর্মকর্তারা জানিয়েছেন, বিষয়টি খতিয়ে দেখা হচ্ছে এবং দ্রুত ব্যবস্থা নেওয়া হবে। স্থানীয় বাসিন্দারা বলেন, এ ঘটনায় এলাকায় উদ্বেগ ছড়িয়ে পড়েছে। প্রশাসনের পক্ষ থেকে নিরাপত্তা জোরদার করা হয়েছে বলে জানা গেছে।
রাজনৈতিক পরিস্থিতি নিয়ে দেশের বিভিন্ন স্থানে আলোচনা চলছে। সংশ্লিষ্ট কর্মকর্তারা জানিয়েছেন, বিষয়টি খতিয়ে দেখা হচ্ছে এবং দ্রুত ব্যবস্থা নেওয়া হবে। স্থানীয় বাসিন্দারা বলেন, এ ঘটনায় এলাকায় উদ্বেগ ছড়িয়ে পড়েছে। প্রশাসনের পক্ষ থেকে নিরাপত্তা জোরদার করা হয়েছে বলে জানা গেছে।
যুক্তরাষ্ট্রের সঙ্গে
রাজনৈতিক পরিস্থিতি নিয়ে দেশের বিভিন্ন স্থানে আলোচনা চলছে। সংশ্লিষ্ট কর্মকর্তারা জানিয়েছেন, বিষয়টি খতিয়ে দেখা হচ্ছে এবং দ্রুত ব্যবস্থা নেওয়া হবে। স্থানীয় বাসিন্দারা বলেন, এ ঘটনায় এলাকায় উদ্বেগ ছড়িয়ে পড়েছে। প্রশাসনের পক্ষ থেকে নিরাপত্তা জোরদার করা হয়েছে বলে জানা গেছে।
রাজনৈতিক পরিস্থিতি নিয়ে দেশের বিভিন্ন স্থানে আলোচনা চলছে। সংশ্লিষ্ট কর্মকর্তারা জানিয়েছেন, বিষয়টি খতিয়ে দেখা হচ্ছে এবং দ্রুত ব্যবস্থা নেওয়া হবে। স্থানীয় বাসিন্দারা বলেন, এ ঘটনায় এলাকায় উদ্বেগ ছড়িয়ে পড়েছে। প্রশাসনের পক্ষ থেকে নিরাপত্তা জোরদার করা হয়েছে বলে জানা গেছে।
ইরান যুদ্ধে বড়
রাজনৈতিক পরিস্থিতি নিয়ে দেশের বিভিন্ন স্থানে আলোচনা চলছে। সংশ্লিষ্ট কর্মকর্তারা জানিয়েছেন, বিষয়টি খতিয়ে দেখা হচ্ছে এবং দ্রুত ব্যবস্থা নেওয়া হবে। স্থানীয় বাসিন্দারা বলেন, এ ঘটনায় এলাকায় উদ্বেগ ছড়িয়ে পড়েছে। প্রশাসনের পক্ষ থেকে নিরাপত্তা জোরদার করা হয়েছে বলে জানা গেছে।
রাজনৈতিক পরিস্থিতি নিয়ে দেশের বিভিন্ন স্থানে আলোচনা চলছে। সংশ্লিষ্ট কর্মকর্তারা জানিয়েছেন, বিষয়টি খতিয়ে দেখা হচ্ছে এবং দ্রুত ব্যবস্থা নেওয়া হবে। স্থানীয় বাসিন্দারা বলেন, এ ঘটনায় এলাকায় উদ্বেগ ছড়িয়ে পড়েছে। প্রশাসনের পক্ষ থেকে নিরাপত্তা জোরদার করা হয়েছে বলে জানা গেছে।
রাজনৈতিক পরিস্থিতি নিয়ে দেশের বিভিন্ন স্থানে আলোচনা চলছে। সংশ্লিষ্ট কর্মকর্তারা জানিয়েছেন, বিষয়টি খতিয়ে দেখা হচ্ছে এবং দ্রুত ব্যবস্থা নেওয়া হবে। স্থানীয় বাসিন্দারা বলেন, এ ঘটনায় এলাকায় উদ্বেগ ছড়িয়ে পড়েছে। প্রশাসনের পক্ষ থেকে নিরাপত্তা জোরদার করা হয়েছে বলে জানা গেছে।
স্বরাষ্ট্রমন্ত্রীর সঙ্গে
রাজনৈতিক পরিস্থিতি নিয়ে দেশের বিভিন্ন স্থানে আলোচনা চলছে। সংশ্লিষ্ট কর্মকর্তারা জানিয়েছেন, বিষয়টি খতিয়ে দেখা হচ্ছে এবং দ্রুত ব্যবস্থা নেওয়া হবে। স্থানীয় বাসিন্দারা বলেন, এ ঘটনায় এলাকায় উদ্বেগ ছড়িয়ে পড়েছে। প্রশাসনের পক্ষ থেকে নিরাপত্তা জোরদার করা হয়েছে বলে জানা গেছে।
রাজনৈতিক পরিস্থিতি নিয়ে দেশের বিভিন্ন স্থানে আলোচনা চলছে। সংশ্লিষ্ট কর্মকর্তারা জানিয়েছেন, বিষয়টি খতিয়ে দেখা হচ্ছে এবং দ্রুত ব্যবস্থা নেওয়া হবে। স্থানীয় বাসিন্দারা বলেন, এ ঘটনায় এলাকায় উদ্বেগ ছড়িয়ে পড়েছে। প্রশাসনের পক্ষ থেকে নিরাপত্তা জোরদার করা হয়েছে বলে জানা গেছে।
রাজনৈতিক পরিস্থিতি নিয়ে দেশের বিভিন্ন স্থানে আলোচনা চলছে। সংশ্লিষ্ট কর্মকর্তারা জানিয়েছেন, বিষয়টি খতিয়ে দেখা হচ্ছে এবং দ্রুত ব্যবস্থা নেওয়া হবে। স্থানীয় বাসিন্দারা বলেন, এ ঘটনায় এলাকায় উদ্বেগ ছড়িয়ে পড়েছে। প্রশাসনের পক্ষ থেকে নিরাপত্তা জোরদার করা হয়েছে বলে জানা গেছে।
